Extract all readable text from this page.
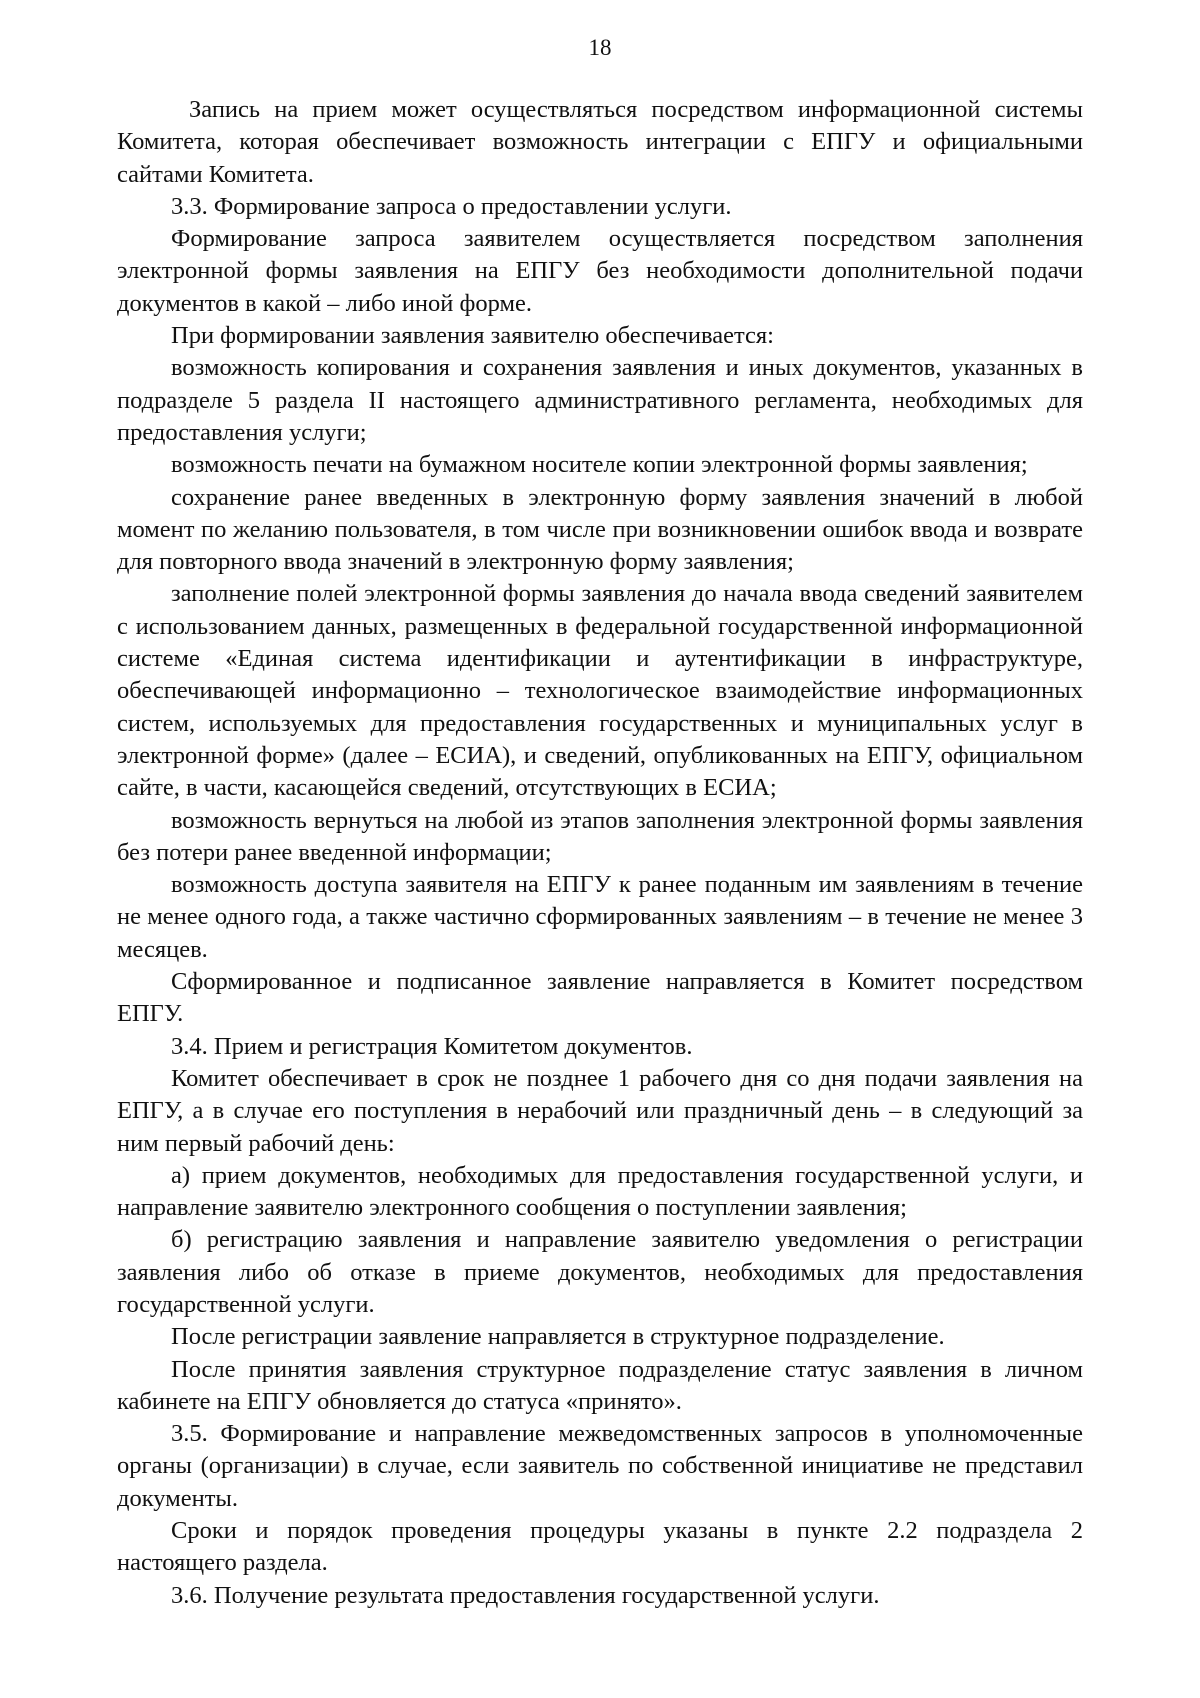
18

Запись на прием может осуществляться посредством информационной системы Комитета, которая обеспечивает возможность интеграции с ЕПГУ и официальными сайтами Комитета.

3.3. Формирование запроса о предоставлении услуги.

Формирование запроса заявителем осуществляется посредством заполнения электронной формы заявления на ЕПГУ без необходимости дополнительной подачи документов в какой – либо иной форме.

При формировании заявления заявителю обеспечивается:

возможность копирования и сохранения заявления и иных документов, указанных в подразделе 5 раздела II настоящего административного регламента, необходимых для предоставления услуги;

возможность печати на бумажном носителе копии электронной формы заявления;

сохранение ранее введенных в электронную форму заявления значений в любой момент по желанию пользователя, в том числе при возникновении ошибок ввода и возврате для повторного ввода значений в электронную форму заявления;

заполнение полей электронной формы заявления до начала ввода сведений заявителем с использованием данных, размещенных в федеральной государственной информационной системе «Единая система идентификации и аутентификации в инфраструктуре, обеспечивающей информационно – технологическое взаимодействие информационных систем, используемых для предоставления государственных и муниципальных услуг в электронной форме» (далее – ЕСИА), и сведений, опубликованных на ЕПГУ, официальном сайте, в части, касающейся сведений, отсутствующих в ЕСИА;

возможность вернуться на любой из этапов заполнения электронной формы заявления без потери ранее введенной информации;

возможность доступа заявителя на ЕПГУ к ранее поданным им заявлениям в течение не менее одного года, а также частично сформированных заявлениям – в течение не менее 3 месяцев.

Сформированное и подписанное заявление направляется в Комитет посредством ЕПГУ.

3.4. Прием и регистрация Комитетом документов.

Комитет обеспечивает в срок не позднее 1 рабочего дня со дня подачи заявления на ЕПГУ, а в случае его поступления в нерабочий или праздничный день – в следующий за ним первый рабочий день:

а) прием документов, необходимых для предоставления государственной услуги, и направление заявителю электронного сообщения о поступлении заявления;

б) регистрацию заявления и направление заявителю уведомления о регистрации заявления либо об отказе в приеме документов, необходимых для предоставления государственной услуги.

После регистрации заявление направляется в структурное подразделение.

После принятия заявления структурное подразделение статус заявления в личном кабинете на ЕПГУ обновляется до статуса «принято».

3.5. Формирование и направление межведомственных запросов в уполномоченные органы (организации) в случае, если заявитель по собственной инициативе не представил документы.

Сроки и порядок проведения процедуры указаны в пункте 2.2 подраздела 2 настоящего раздела.

3.6. Получение результата предоставления государственной услуги.
